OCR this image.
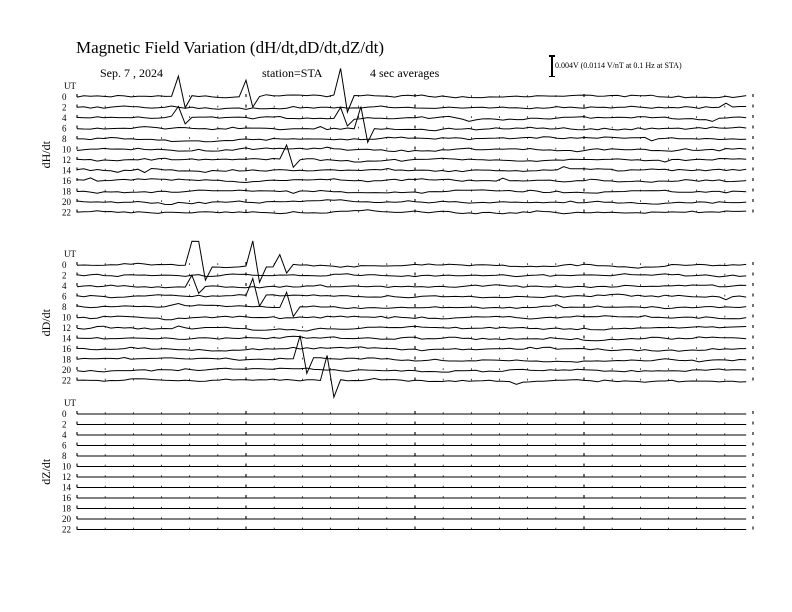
Magnetic Field Variation (dH/dt,dD/dt,dZ/dt)
Sep. 7 , 2024	station=STA	4 sec averages
0.004V (0.0114 V/nT at 0.1 Hz at STA)
UT
dH/dt
0
2
4
6
8
10
12
14
16
18
20
22
UT
dD/dt
0
2
4
6
8
10
12
14
16
18
20
22
UT
dZ/dt
0
2
4
6
8
10
12
14
16
18
20
22
